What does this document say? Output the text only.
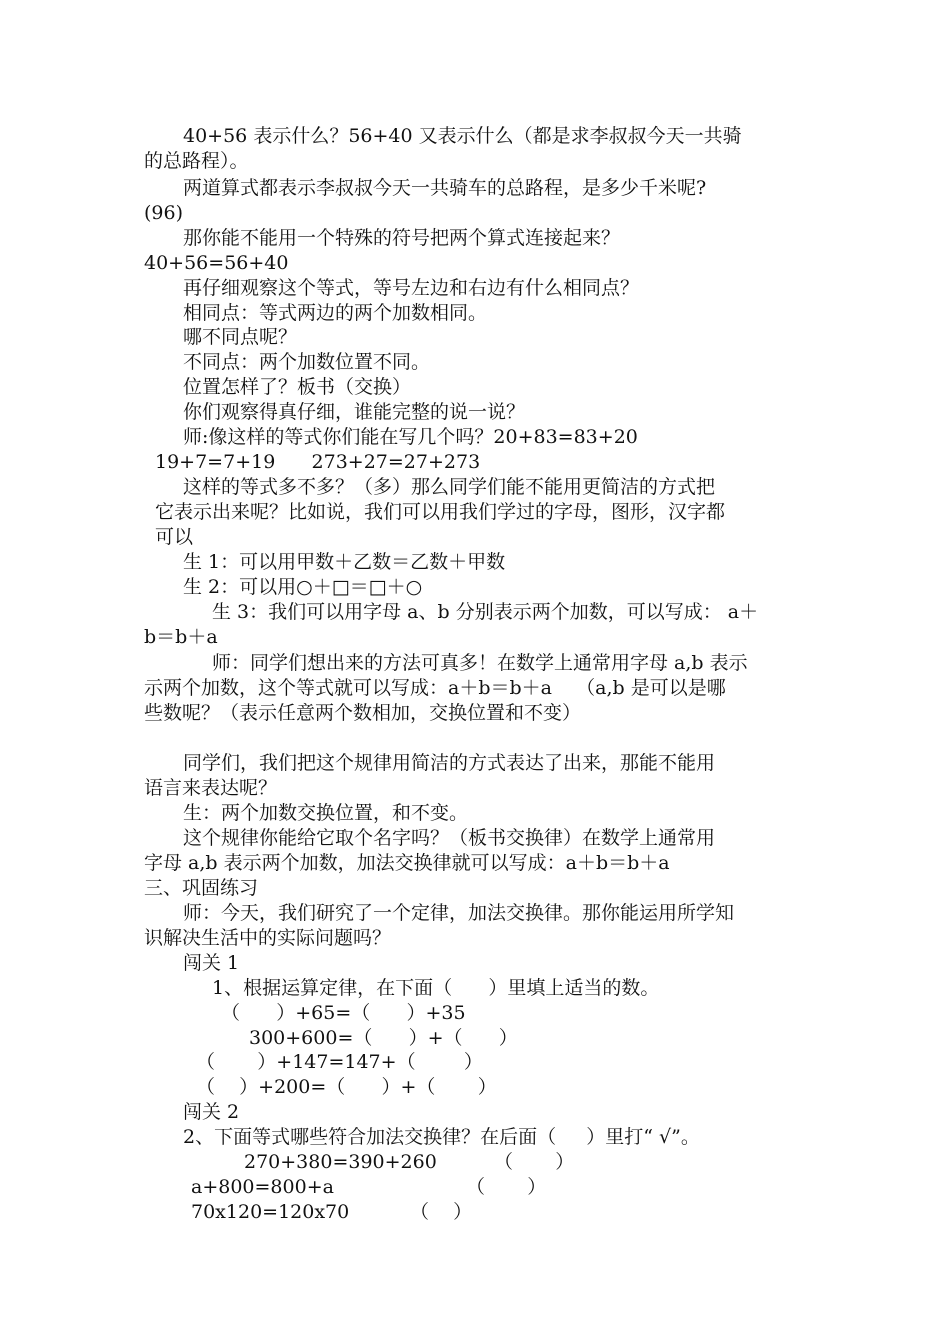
40+56 表示什么？56+40 又表示什么（都是求李叔叔今天一共骑
的总路程）。
两道算式都表示李叔叔今天一共骑车的总路程，是多少千米呢?
(96)
那你能不能用一个特殊的符号把两个算式连接起来？
40+56=56+40
再仔细观察这个等式，等号左边和右边有什么相同点？
相同点：等式两边的两个加数相同。
哪不同点呢？
不同点：两个加数位置不同。
位置怎样了？板书（交换）
你们观察得真仔细，谁能完整的说一说？
师:像这样的等式你们能在写几个吗？20+83=83+20
19+7=7+19      273+27=27+273
这样的等式多不多？（多）那么同学们能不能用更简洁的方式把
它表示出来呢？比如说，我们可以用我们学过的字母，图形，汉字都
可以
生 1：可以用甲数＋乙数＝乙数＋甲数
生 2：可以用○＋□＝□＋○
生 3：我们可以用字母 a、b 分别表示两个加数，可以写成： a＋
b＝b＋a
师：同学们想出来的方法可真多！在数学上通常用字母 a,b 表示
示两个加数，这个等式就可以写成：a＋b＝b＋a    （a,b 是可以是哪
些数呢？（表示任意两个数相加，交换位置和不变）
同学们，我们把这个规律用简洁的方式表达了出来，那能不能用
语言来表达呢？
生：两个加数交换位置，和不变。
这个规律你能给它取个名字吗？（板书交换律）在数学上通常用
字母 a,b 表示两个加数，加法交换律就可以写成：a＋b＝b＋a
三、巩固练习
师：今天，我们研究了一个定律，加法交换律。那你能运用所学知
识解决生活中的实际问题吗？
闯关 1
1、根据运算定律，在下面（      ）里填上适当的数。
（      ）+65=（      ）+35
300+600=（      ）+（      ）
（       ）+147=147+（        ）
（    ）+200=（      ）+（       ）
闯关 2
2、下面等式哪些符合加法交换律？在后面（     ）里打“ √”。
270+380=390+260	（       ）
a+800=800+a	（       ）
70x120=120x70	（    ）
